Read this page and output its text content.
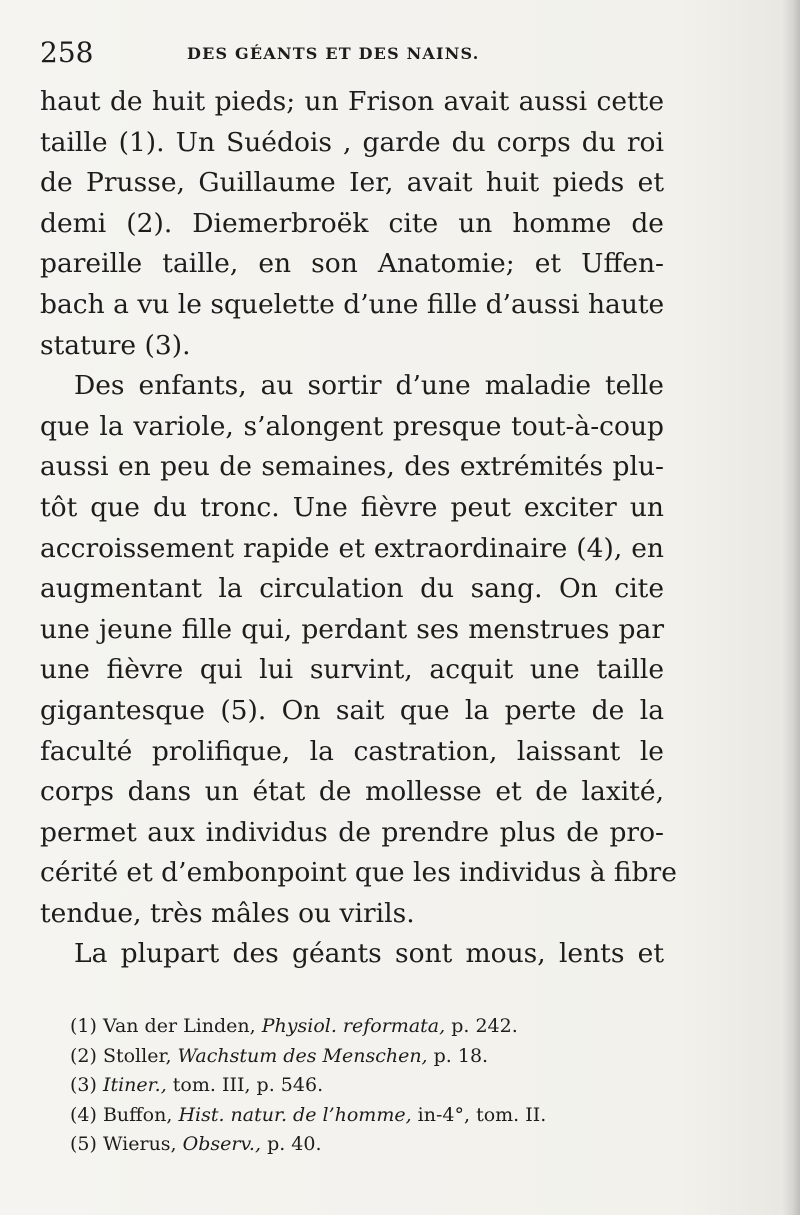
258	DES GÉANTS ET DES NAINS.
haut de huit pieds; un Frison avait aussi cette
taille (1). Un Suédois , garde du corps du roi
de Prusse, Guillaume Ier, avait huit pieds et
demi (2). Diemerbroëk cite un homme de
pareille taille, en son Anatomie; et Uffen-
bach a vu le squelette d’une fille d’aussi haute
stature (3).
Des enfants, au sortir d’une maladie telle
que la variole, s’alongent presque tout-à-coup
aussi en peu de semaines, des extrémités plu-
tôt que du tronc. Une fièvre peut exciter un
accroissement rapide et extraordinaire (4), en
augmentant la circulation du sang. On cite
une jeune fille qui, perdant ses menstrues par
une fièvre qui lui survint, acquit une taille
gigantesque (5). On sait que la perte de la
faculté prolifique, la castration, laissant le
corps dans un état de mollesse et de laxité,
permet aux individus de prendre plus de pro-
cérité et d’embonpoint que les individus à fibre
tendue, très mâles ou virils.
La plupart des géants sont mous, lents et
(1) Van der Linden, Physiol. reformata, p. 242.
(2) Stoller, Wachstum des Menschen, p. 18.
(3) Itiner., tom. III, p. 546.
(4) Buffon, Hist. natur. de l’homme, in-4°, tom. II.
(5) Wierus, Observ., p. 40.
